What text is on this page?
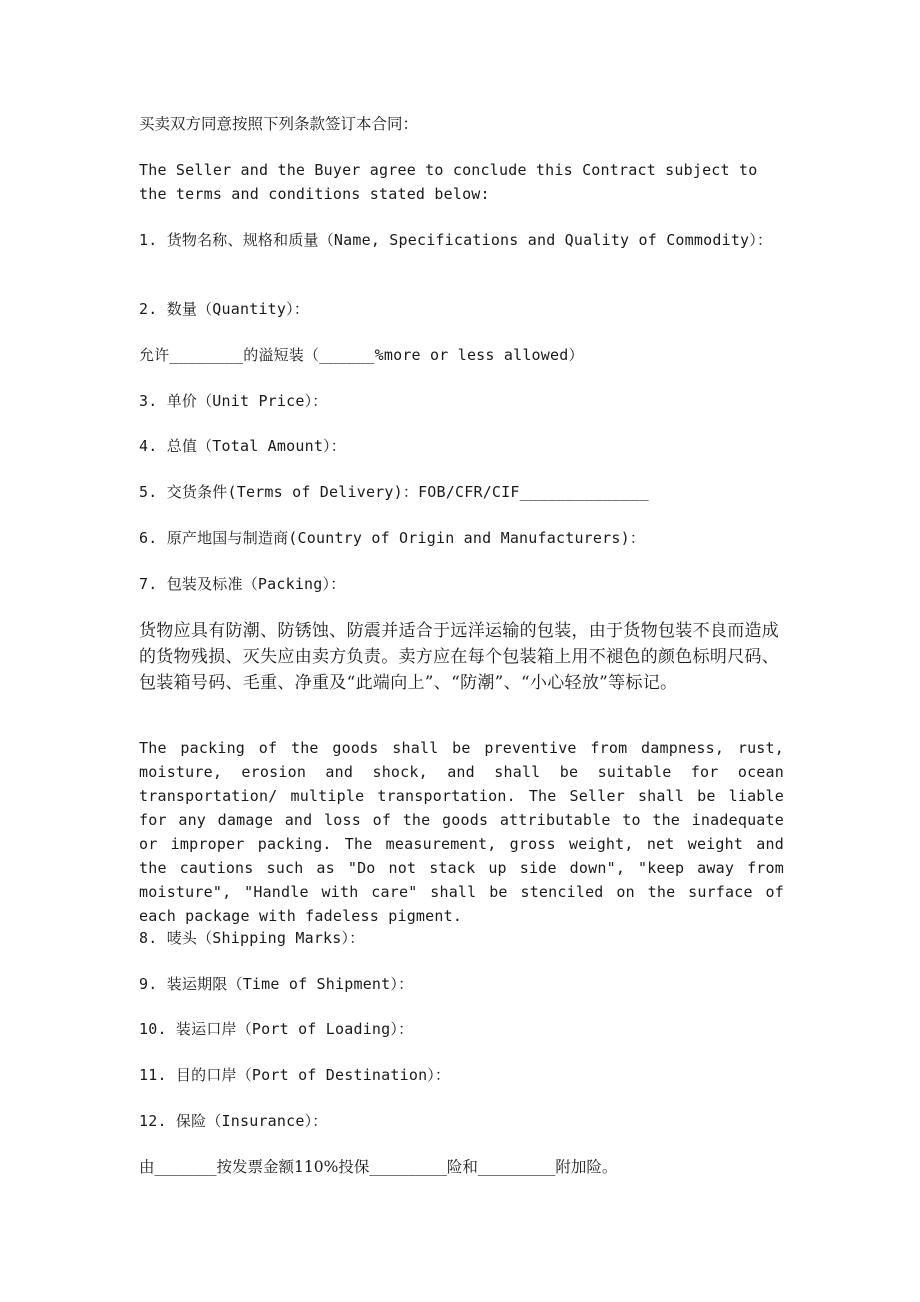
买卖双方同意按照下列条款签订本合同：

The Seller and the Buyer agree to conclude this Contract subject to the terms and conditions stated below:

1. 货物名称、规格和质量（Name, Specifications and Quality of Commodity）：

2. 数量（Quantity）：

允许________的溢短装（______%more or less allowed）

3. 单价（Unit Price）：

4. 总值（Total Amount）：

5. 交货条件(Terms of Delivery)：FOB/CFR/CIF______________

6. 原产地国与制造商(Country of Origin and Manufacturers)：

7. 包装及标准（Packing）：

货物应具有防潮、防锈蚀、防震并适合于远洋运输的包装，由于货物包装不良而造成的货物残损、灭失应由卖方负责。卖方应在每个包装箱上用不褪色的颜色标明尺码、包装箱号码、毛重、净重及“此端向上”、“防潮”、“小心轻放”等标记。

The packing of the goods shall be preventive from dampness, rust, moisture, erosion and shock, and shall be suitable for ocean transportation/ multiple transportation. The Seller shall be liable for any damage and loss of the goods attributable to the inadequate or improper packing. The measurement, gross weight, net weight and the cautions such as "Do not stack up side down", "keep away from moisture", "Handle with care" shall be stenciled on the surface of each package with fadeless pigment.

8. 唛头（Shipping Marks）：

9. 装运期限（Time of Shipment）：

10. 装运口岸（Port of Loading）：

11. 目的口岸（Port of Destination）：

12. 保险（Insurance）：

由________按发票金额110%投保__________险和__________附加险。
